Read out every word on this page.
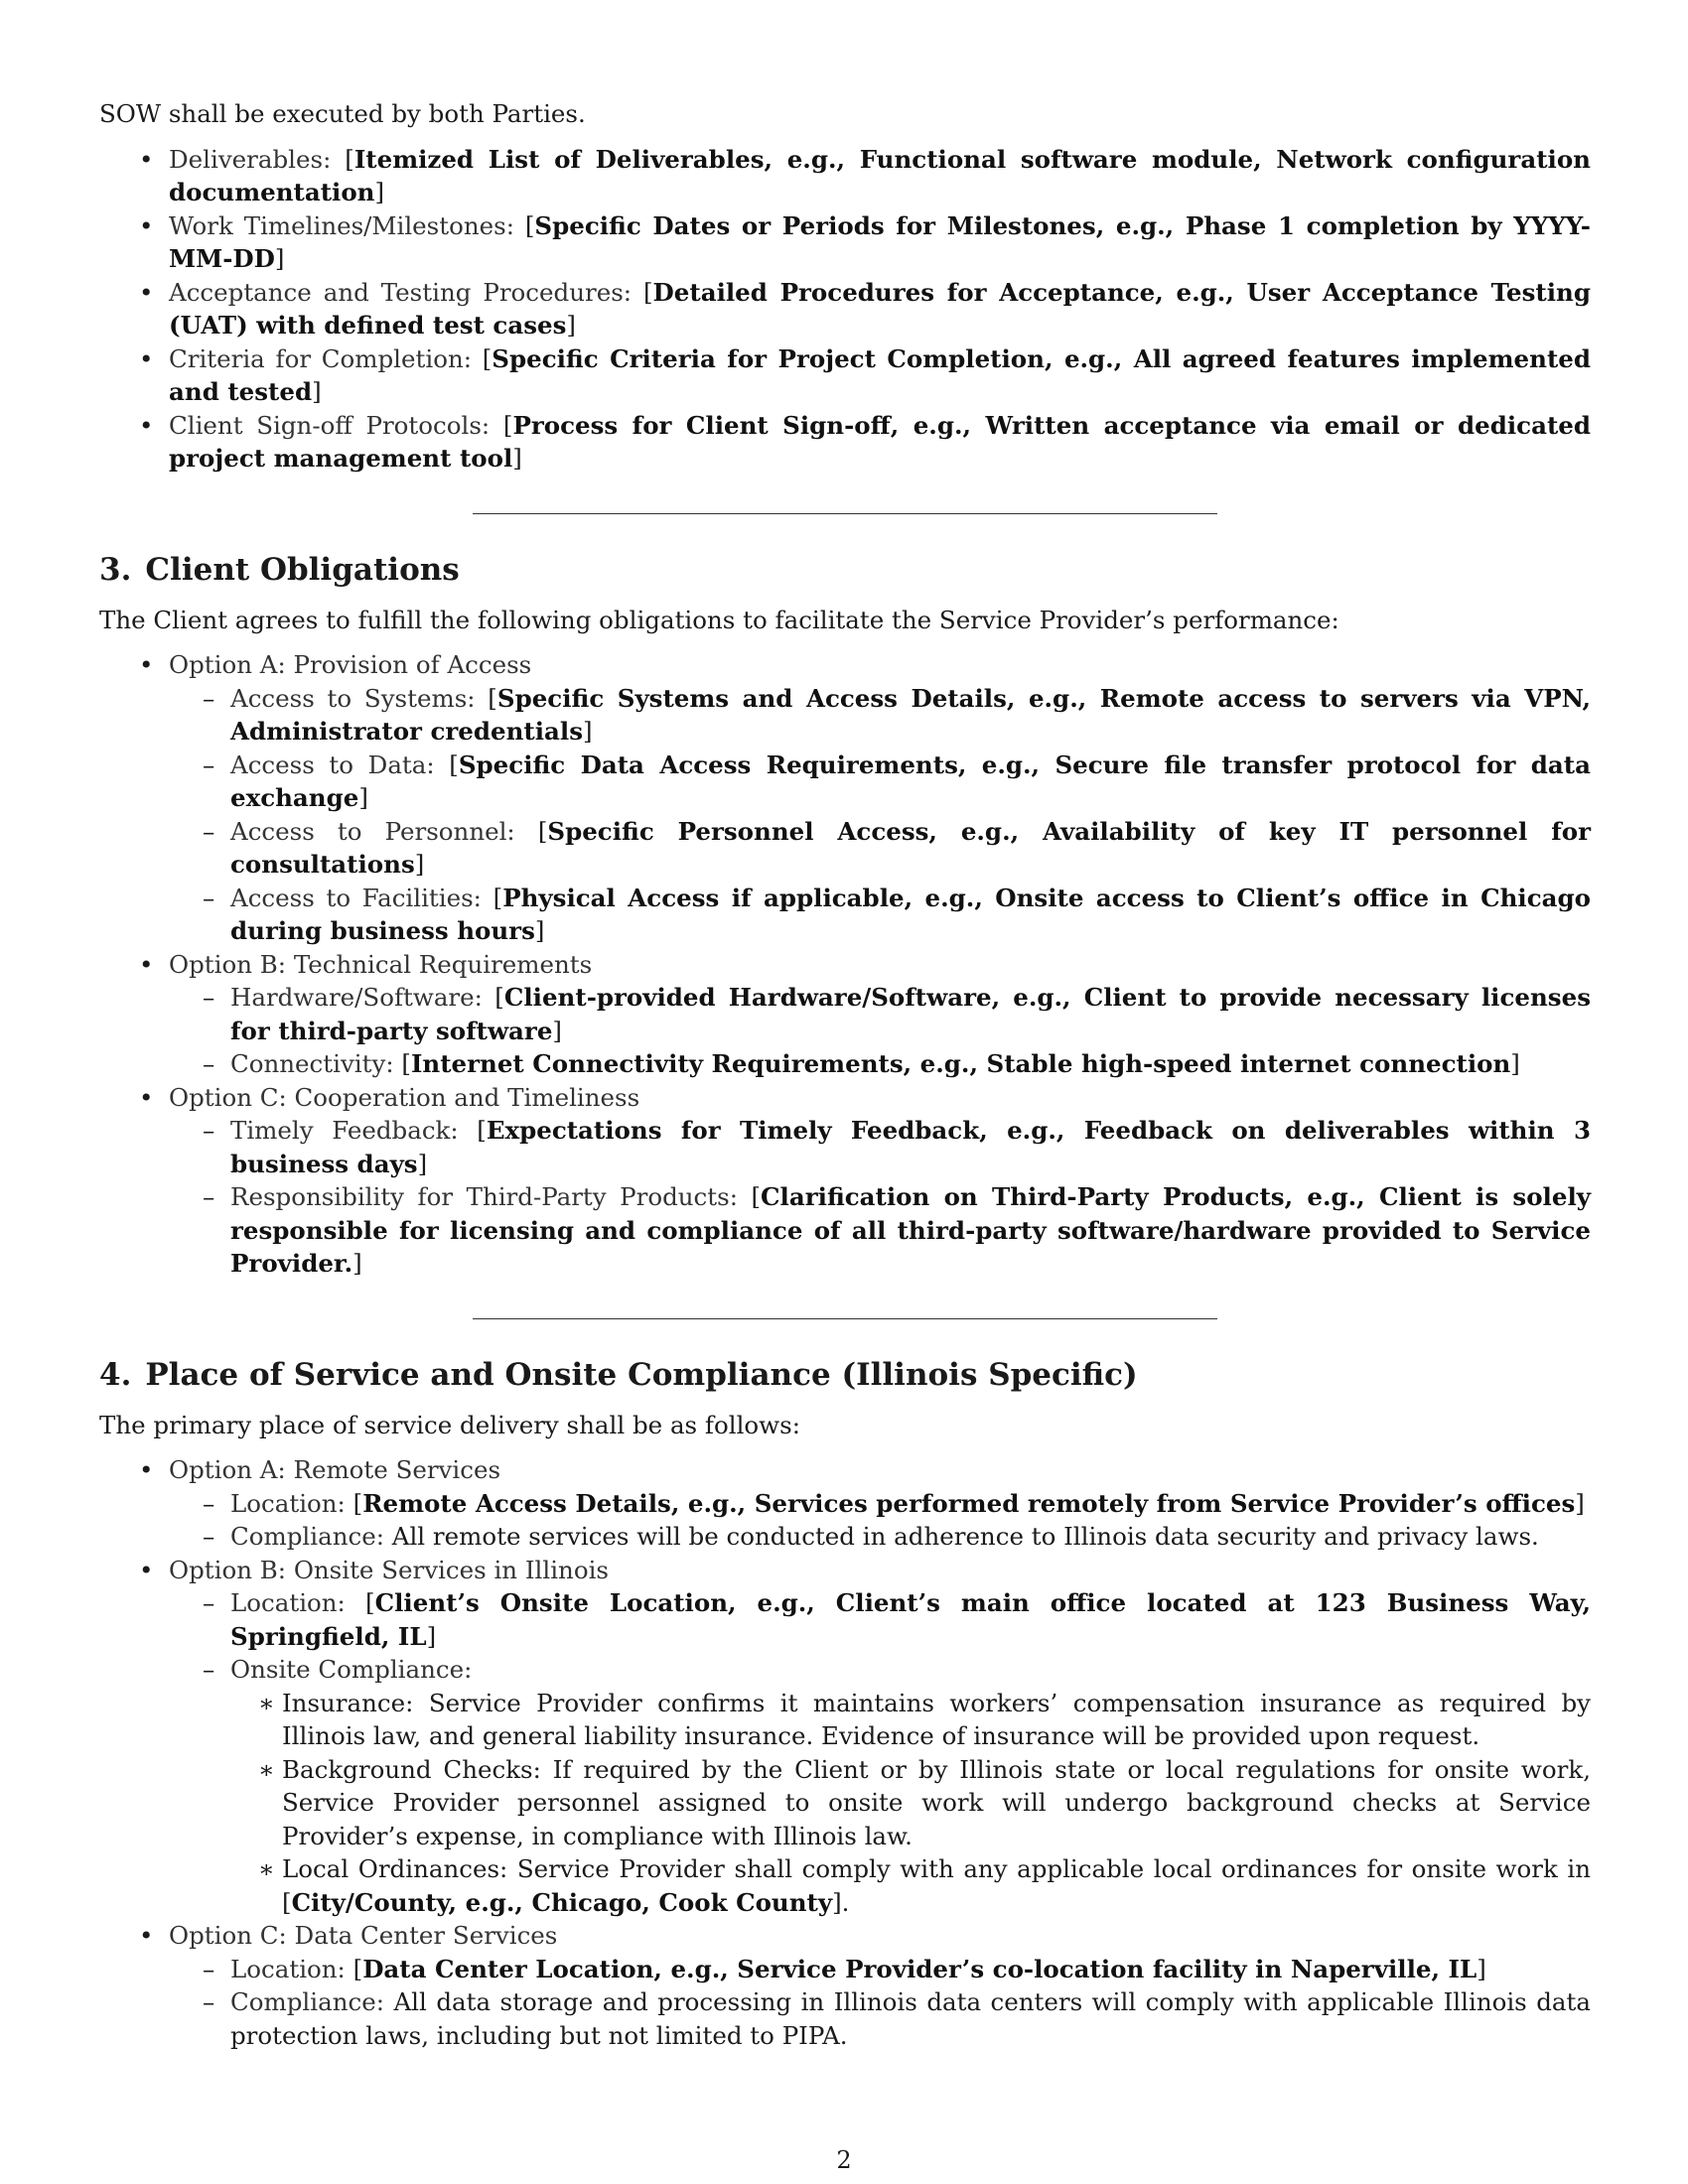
SOW shall be executed by both Parties.

• Deliverables: [Itemized List of Deliverables, e.g., Functional software module, Network configuration documentation]
• Work Timelines/Milestones: [Specific Dates or Periods for Milestones, e.g., Phase 1 completion by YYYY-MM-DD]
• Acceptance and Testing Procedures: [Detailed Procedures for Acceptance, e.g., User Acceptance Testing (UAT) with defined test cases]
• Criteria for Completion: [Specific Criteria for Project Completion, e.g., All agreed features implemented and tested]
• Client Sign-off Protocols: [Process for Client Sign-off, e.g., Written acceptance via email or dedicated project management tool]
3. Client Obligations

The Client agrees to fulfill the following obligations to facilitate the Service Provider’s performance:

• Option A: Provision of Access
– Access to Systems: [Specific Systems and Access Details, e.g., Remote access to servers via VPN, Administrator credentials]
– Access to Data: [Specific Data Access Requirements, e.g., Secure file transfer protocol for data exchange]
– Access to Personnel: [Specific Personnel Access, e.g., Availability of key IT personnel for consultations]
– Access to Facilities: [Physical Access if applicable, e.g., Onsite access to Client’s office in Chicago during business hours]
• Option B: Technical Requirements
– Hardware/Software: [Client-provided Hardware/Software, e.g., Client to provide necessary licenses for third-party software]
– Connectivity: [Internet Connectivity Requirements, e.g., Stable high-speed internet connection]
• Option C: Cooperation and Timeliness
– Timely Feedback: [Expectations for Timely Feedback, e.g., Feedback on deliverables within 3 business days]
– Responsibility for Third-Party Products: [Clarification on Third-Party Products, e.g., Client is solely responsible for licensing and compliance of all third-party software/hardware provided to Service Provider.]
4. Place of Service and Onsite Compliance (Illinois Specific)

The primary place of service delivery shall be as follows:

• Option A: Remote Services
– Location: [Remote Access Details, e.g., Services performed remotely from Service Provider’s offices]
– Compliance: All remote services will be conducted in adherence to Illinois data security and privacy laws.
• Option B: Onsite Services in Illinois
– Location: [Client’s Onsite Location, e.g., Client’s main office located at 123 Business Way, Springfield, IL]
– Onsite Compliance:
∗ Insurance: Service Provider confirms it maintains workers’ compensation insurance as required by Illinois law, and general liability insurance. Evidence of insurance will be provided upon request.
∗ Background Checks: If required by the Client or by Illinois state or local regulations for onsite work, Service Provider personnel assigned to onsite work will undergo background checks at Service Provider’s expense, in compliance with Illinois law.
∗ Local Ordinances: Service Provider shall comply with any applicable local ordinances for onsite work in [City/County, e.g., Chicago, Cook County].
• Option C: Data Center Services
– Location: [Data Center Location, e.g., Service Provider’s co-location facility in Naperville, IL]
– Compliance: All data storage and processing in Illinois data centers will comply with applicable Illinois data protection laws, including but not limited to PIPA.
2
